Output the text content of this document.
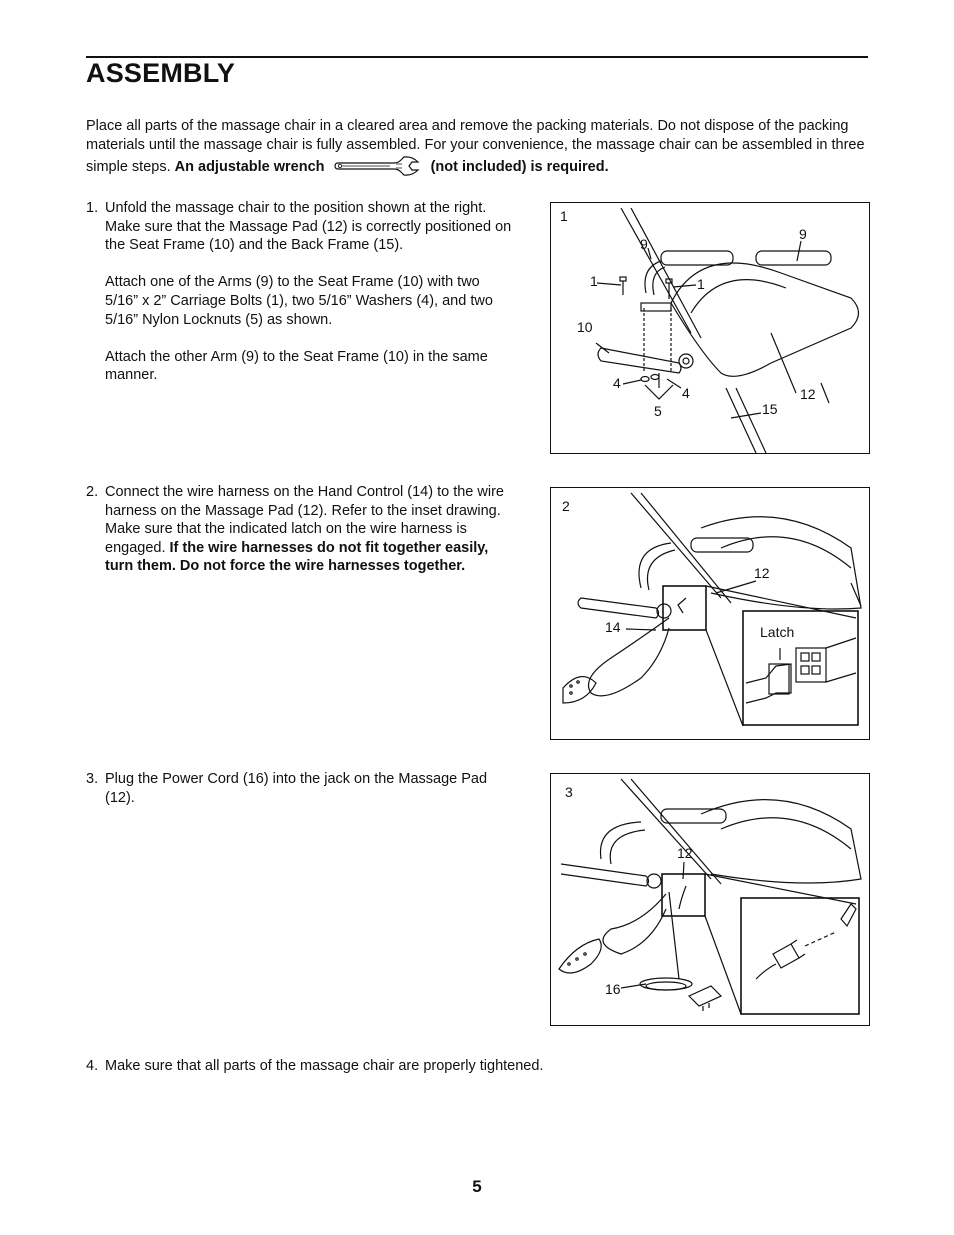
ASSEMBLY
Place all parts of the massage chair in a cleared area and remove the packing materials. Do not dispose of the packing materials until the massage chair is fully assembled. For your convenience, the massage chair can be assembled in three simple steps. An adjustable wrench	(not included) is required.
1. Unfold the massage chair to the position shown at the right. Make sure that the Massage Pad (12) is correctly positioned on the Seat Frame (10) and the Back Frame (15).

Attach one of the Arms (9) to the Seat Frame (10) with two 5/16” x 2” Carriage Bolts (1), two 5/16” Washers (4), and two 5/16” Nylon Locknuts (5) as shown.

Attach the other Arm (9) to the Seat Frame (10) in the same manner.

2. Connect the wire harness on the Hand Control (14) to the wire harness on the Massage Pad (12). Refer to the inset drawing. Make sure that the indicated latch on the wire harness is engaged. If the wire harnesses do not fit together easily, turn them. Do not force the wire harnesses together.
3. Plug the Power Cord (16) into the jack on the Massage Pad (12).
4. Make sure that all parts of the massage chair are properly tightened.
1
9
9
1	1
10
4
4
5	15
12
2
12
14	Latch
3
12
16
5
